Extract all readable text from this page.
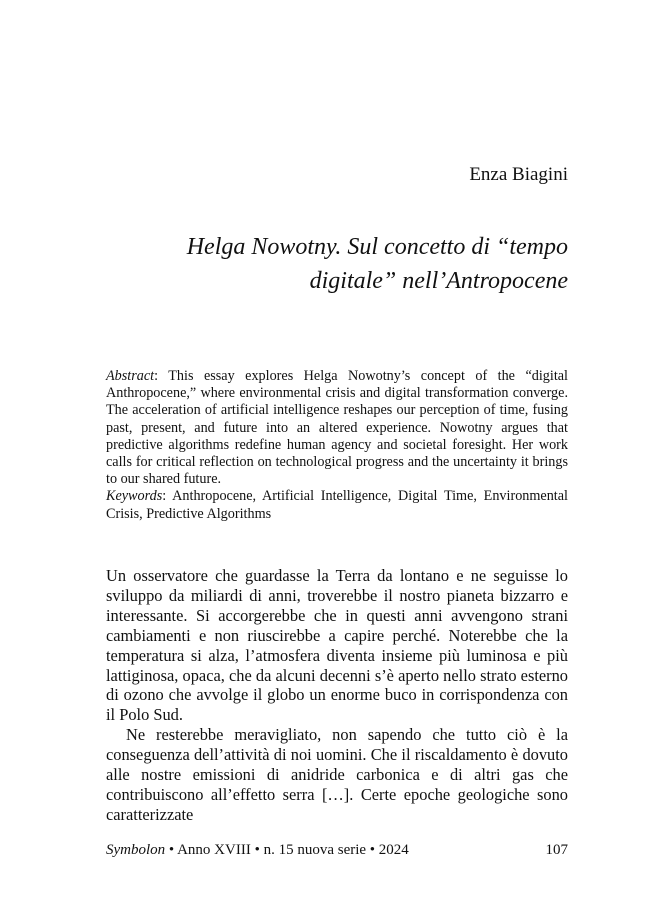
Enza Biagini
Helga Nowotny. Sul concetto di “tempo
digitale” nell’Antropocene

Abstract: This essay explores Helga Nowotny’s concept of the “digital Anthropocene,” where environmental crisis and digital transformation converge. The acceleration of artificial intelligence reshapes our perception of time, fusing past, present, and future into an altered experience. Nowotny argues that predictive algorithms redefine human agency and societal foresight. Her work calls for critical reflection on technological progress and the uncertainty it brings to our shared future.

Keywords: Anthropocene, Artificial Intelligence, Digital Time, Environmental Crisis, Predictive Algorithms

Un osservatore che guardasse la Terra da lontano e ne seguisse lo sviluppo da miliardi di anni, troverebbe il nostro pianeta bizzarro e interessante. Si accorgerebbe che in questi anni avvengono strani cambiamenti e non riuscirebbe a capire perché. Noterebbe che la temperatura si alza, l’atmosfera diventa insieme più luminosa e più lattiginosa, opaca, che da alcuni decenni s’è aperto nello strato esterno di ozono che avvolge il globo un enorme buco in corrispondenza con il Polo Sud.

Ne resterebbe meravigliato, non sapendo che tutto ciò è la conseguenza dell’attività di noi uomini. Che il riscaldamento è dovuto alle nostre emissioni di anidride carbonica e di altri gas che contribuiscono all’effetto serra […]. Certe epoche geologiche sono caratterizzate

Symbolon • Anno XVIII • n. 15 nuova serie • 2024	107
